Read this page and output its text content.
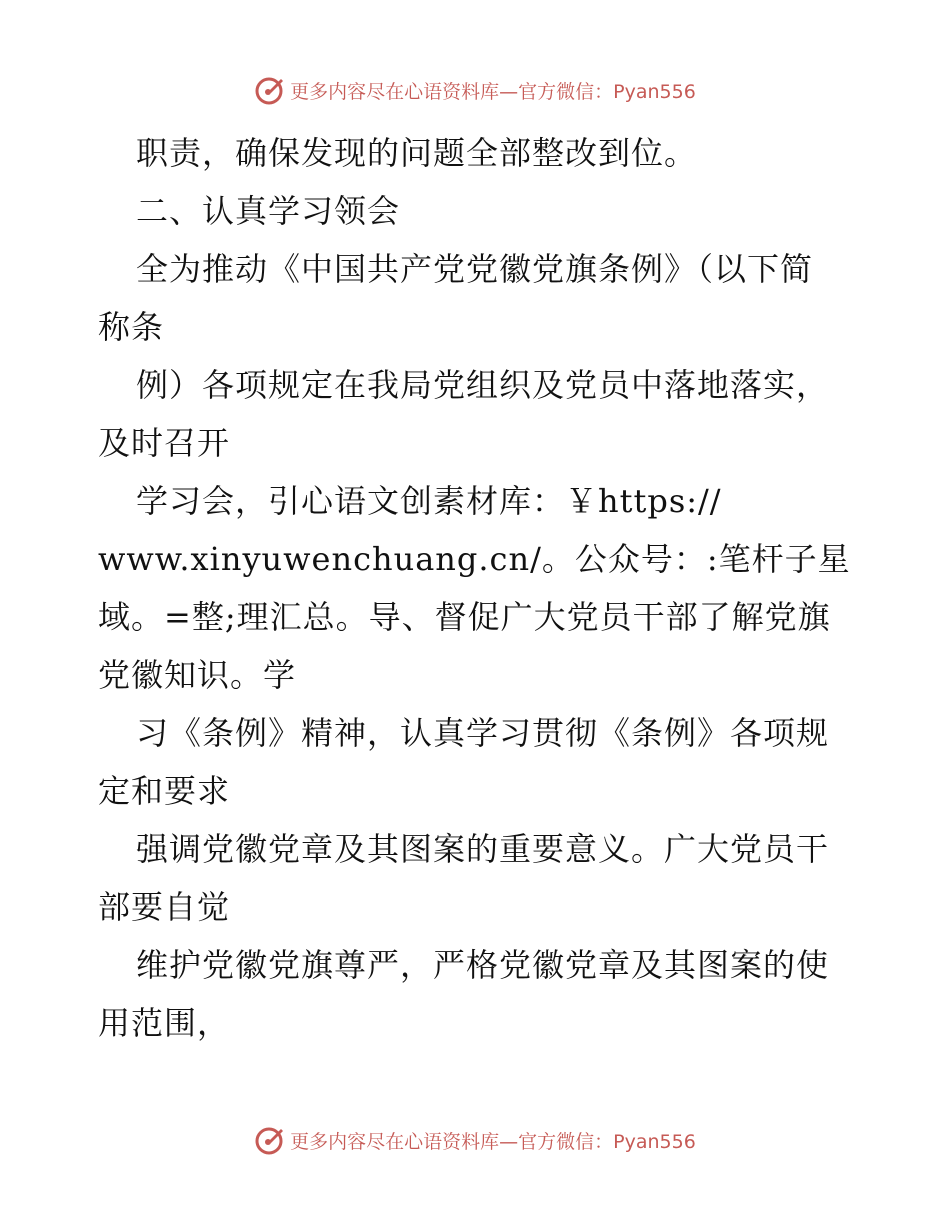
更多内容尽在心语资料库—官方微信：Pyan556
职责，确保发现的问题全部整改到位。
二、认真学习领会
全为推动《中国共产党党徽党旗条例》（以下简
称条
例）各项规定在我局党组织及党员中落地落实，
及时召开
学习会，引心语文创素材库：￥https://
www.xinyuwenchuang.cn/。公众号：:笔杆子星
域。=整;理汇总。导、督促广大党员干部了解党旗
党徽知识。学
习《条例》精神，认真学习贯彻《条例》各项规
定和要求
强调党徽党章及其图案的重要意义。广大党员干
部要自觉
维护党徽党旗尊严，严格党徽党章及其图案的使
用范围，
更多内容尽在心语资料库—官方微信：Pyan556
